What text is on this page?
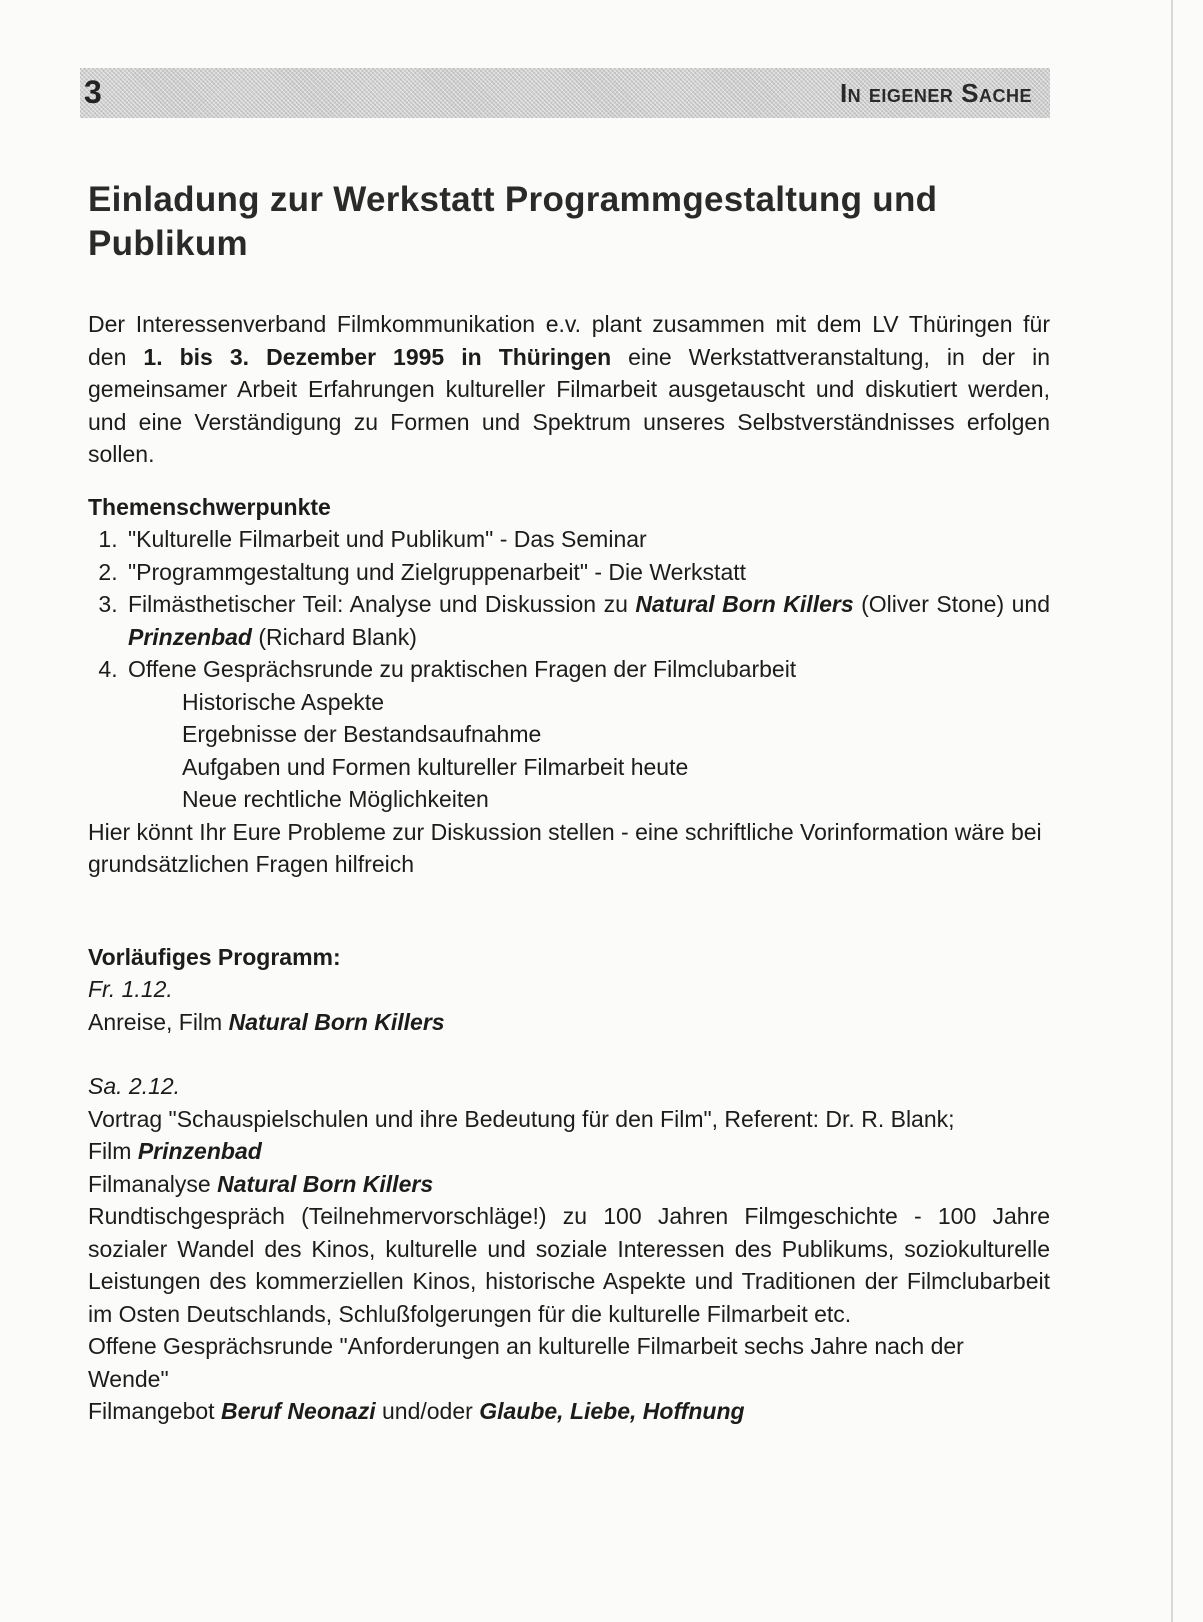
3	In eigener Sache
Einladung zur Werkstatt Programmgestaltung und Publikum

Der Interessenverband Filmkommunikation e.v. plant zusammen mit dem LV Thüringen für den 1. bis 3. Dezember 1995 in Thüringen eine Werkstattveranstaltung, in der in gemeinsamer Arbeit Erfahrungen kultureller Filmarbeit ausgetauscht und diskutiert werden, und eine Verständigung zu Formen und Spektrum unseres Selbstverständnisses erfolgen sollen.

Themenschwerpunkte

1. "Kulturelle Filmarbeit und Publikum" - Das Seminar
2. "Programmgestaltung und Zielgruppenarbeit" - Die Werkstatt
3. Filmästhetischer Teil: Analyse und Diskussion zu Natural Born Killers (Oliver Stone) und Prinzenbad (Richard Blank)
4. Offene Gesprächsrunde zu praktischen Fragen der Filmclubarbeit
Historische Aspekte
Ergebnisse der Bestandsaufnahme
Aufgaben und Formen kultureller Filmarbeit heute
Neue rechtliche Möglichkeiten

Hier könnt Ihr Eure Probleme zur Diskussion stellen - eine schriftliche Vorinformation wäre bei grundsätzlichen Fragen hilfreich

Vorläufiges Programm:

Fr. 1.12.

Anreise, Film Natural Born Killers

Sa. 2.12.

Vortrag "Schauspielschulen und ihre Bedeutung für den Film", Referent: Dr. R. Blank;

Film Prinzenbad

Filmanalyse Natural Born Killers

Rundtischgespräch (Teilnehmervorschläge!) zu 100 Jahren Filmgeschichte - 100 Jahre sozialer Wandel des Kinos, kulturelle und soziale Interessen des Publikums, soziokulturelle Leistungen des kommerziellen Kinos, historische Aspekte und Traditionen der Filmclubarbeit im Osten Deutschlands, Schlußfolgerungen für die kulturelle Filmarbeit etc.

Offene Gesprächsrunde "Anforderungen an kulturelle Filmarbeit sechs Jahre nach der Wende"

Filmangebot Beruf Neonazi und/oder Glaube, Liebe, Hoffnung
